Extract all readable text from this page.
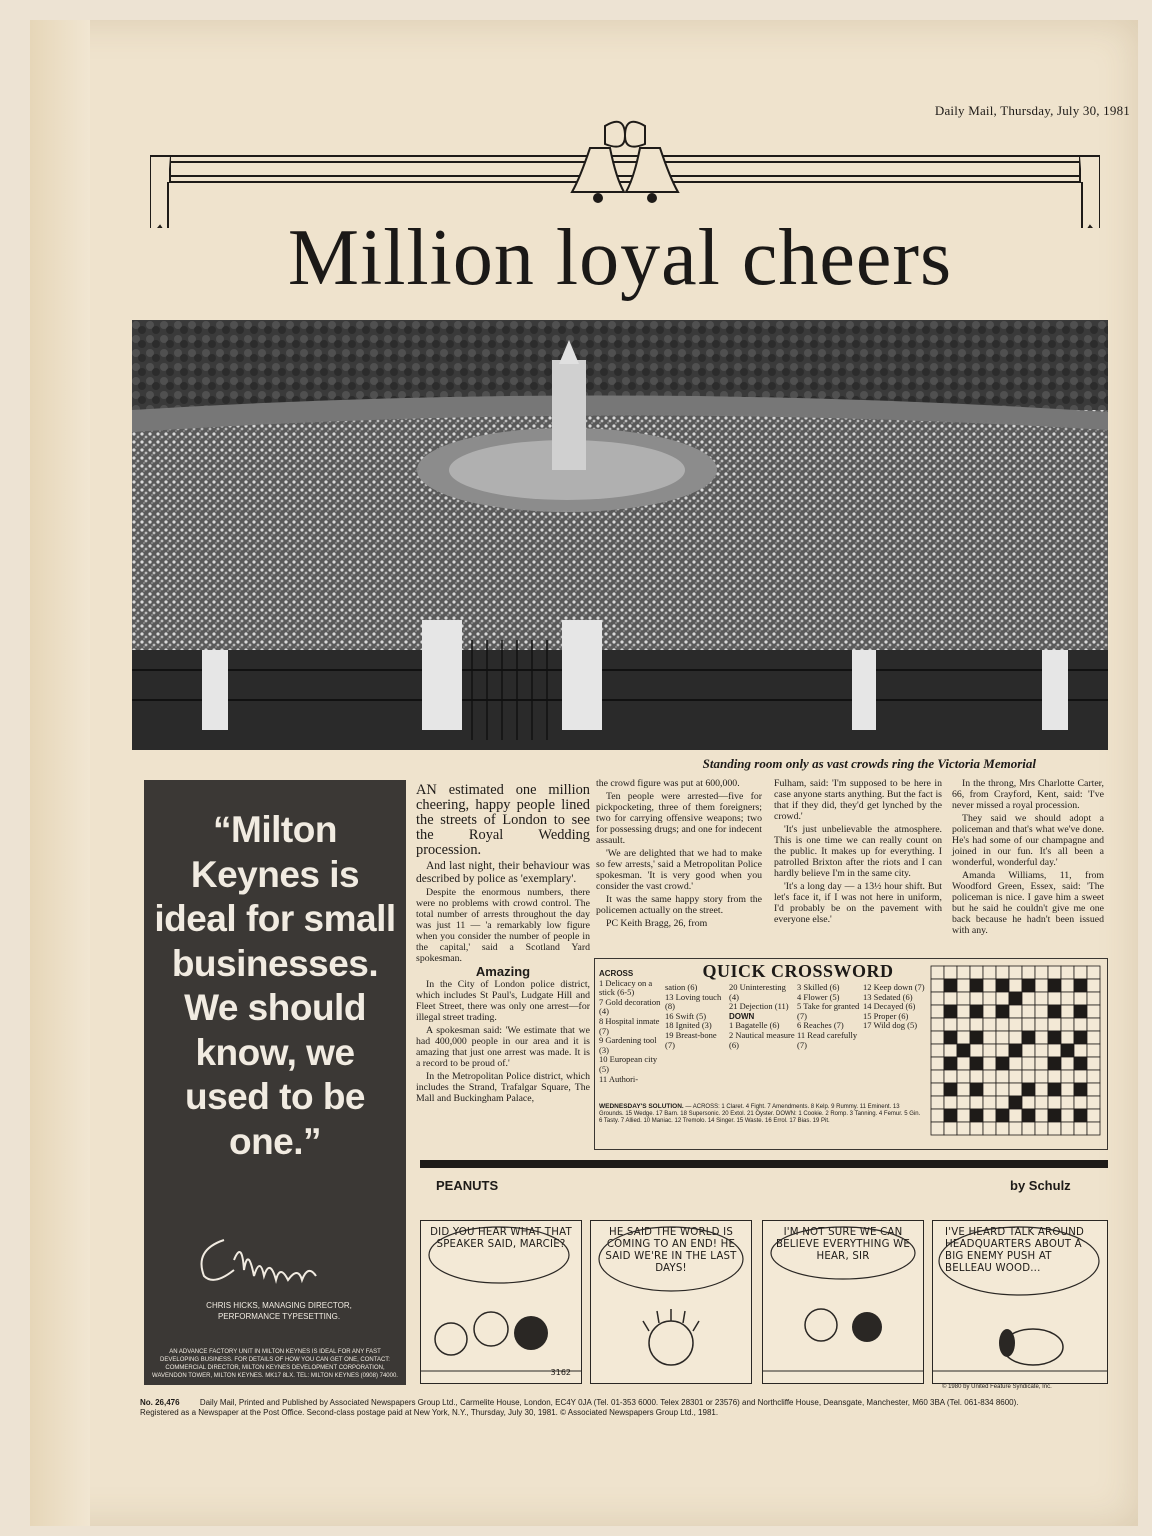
Daily Mail, Thursday, July 30, 1981
Million loyal cheers
Standing room only as vast crowds ring the Victoria Memorial
“Milton Keynes is ideal for small businesses. We should know, we used to be one.”
CHRIS HICKS, MANAGING DIRECTOR, PERFORMANCE TYPESETTING.
AN ADVANCE FACTORY UNIT IN MILTON KEYNES IS IDEAL FOR ANY FAST DEVELOPING BUSINESS. FOR DETAILS OF HOW YOU CAN GET ONE, CONTACT: COMMERCIAL DIRECTOR, MILTON KEYNES DEVELOPMENT CORPORATION, WAVENDON TOWER, MILTON KEYNES. MK17 8LX. TEL: MILTON KEYNES (0908) 74000.

AN estimated one million cheering, happy people lined the streets of London to see the Royal Wedding procession.

And last night, their behaviour was described by police as 'exemplary'.

Despite the enormous numbers, there were no problems with crowd control. The total number of arrests throughout the day was just 11 — 'a remarkably low figure when you consider the number of people in the capital,' said a Scotland Yard spokesman.

Amazing

In the City of London police district, which includes St Paul's, Ludgate Hill and Fleet Street, there was only one arrest—for illegal street trading.

A spokesman said: 'We estimate that we had 400,000 people in our area and it is amazing that just one arrest was made. It is a record to be proud of.'

In the Metropolitan Police district, which includes the Strand, Trafalgar Square, The Mall and Buckingham Palace,

the crowd figure was put at 600,000.

Ten people were arrested—five for pickpocketing, three of them foreigners; two for carrying offensive weapons; two for possessing drugs; and one for indecent assault.

'We are delighted that we had to make so few arrests,' said a Metropolitan Police spokesman. 'It is very good when you consider the vast crowd.'

It was the same happy story from the policemen actually on the street.

PC Keith Bragg, 26, from

Fulham, said: 'I'm supposed to be here in case anyone starts anything. But the fact is that if they did, they'd get lynched by the crowd.'

'It's just unbelievable the atmosphere. This is one time we can really count on the public. It makes up for everything. I patrolled Brixton after the riots and I can hardly believe I'm in the same city.

'It's a long day — a 13½ hour shift. But let's face it, if I was not here in uniform, I'd probably be on the pavement with everyone else.'

In the throng, Mrs Charlotte Carter, 66, from Crayford, Kent, said: 'I've never missed a royal procession.

They said we should adopt a policeman and that's what we've done. He's had some of our champagne and joined in our fun. It's all been a wonderful, wonderful day.'

Amanda Williams, 11, from Woodford Green, Essex, said: 'The policeman is nice. I gave him a sweet but he said he couldn't give me one back because he hadn't been issued with any.

QUICK CROSSWORD
ACROSS
1 Delicacy on a stick (6-5)
7 Gold decoration (4)
8 Hospital inmate (7)
9 Gardening tool (3)
10 European city (5)
11 Authori-
sation (6)
13 Loving touch (8)
16 Swift (5)
18 Ignited (3)
19 Breast-bone (7)
20 Uninteresting (4)
21 Dejection (11)
DOWN
1 Bagatelle (6)
2 Nautical measure (6)
3 Skilled (6)
4 Flower (5)
5 Take for granted (7)
6 Reaches (7)
11 Read carefully (7)
12 Keep down (7)
13 Sedated (6)
14 Decayed (6)
15 Proper (6)
17 Wild dog (5)
WEDNESDAY'S SOLUTION. — ACROSS: 1 Claret. 4 Fight. 7 Amendments. 8 Kelp. 9 Rummy. 11 Eminent. 13 Grounds. 15 Wedge. 17 Barn. 18 Supersonic. 20 Extol. 21 Oyster. DOWN: 1 Cookie. 2 Romp. 3 Tanning. 4 Femur. 5 Gin. 6 Tasty. 7 Allied. 10 Maniac. 12 Tremolo. 14 Singer. 15 Waste. 16 Errol. 17 Bias. 19 Pit.
PEANUTS	by Schulz
DID YOU HEAR WHAT THAT SPEAKER SAID, MARCIE?
3162
HE SAID THE WORLD IS COMING TO AN END! HE SAID WE'RE IN THE LAST DAYS!
I'M NOT SURE WE CAN BELIEVE EVERYTHING WE HEAR, SIR
I'VE HEARD TALK AROUND HEADQUARTERS ABOUT A BIG ENEMY PUSH AT BELLEAU WOOD...
© 1980 by United Feature Syndicate, Inc.
No. 26,476	Daily Mail, Printed and Published by Associated Newspapers Group Ltd., Carmelite House, London, EC4Y 0JA (Tel. 01-353 6000. Telex 28301 or 23576) and Northcliffe House, Deansgate, Manchester, M60 3BA (Tel. 061-834 8600). Registered as a Newspaper at the Post Office. Second-class postage paid at New York, N.Y., Thursday, July 30, 1981. © Associated Newspapers Group Ltd., 1981.
